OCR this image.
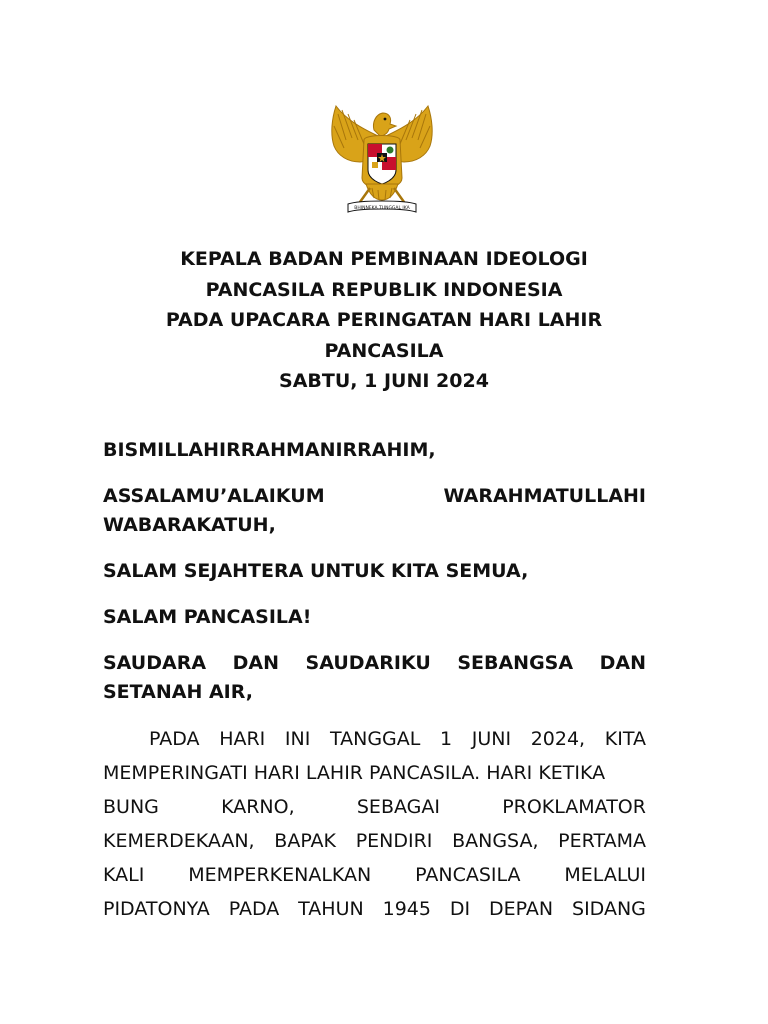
BHINNEKA TUNGGAL IKA
KEPALA BADAN PEMBINAAN IDEOLOGI
PANCASILA REPUBLIK INDONESIA
PADA UPACARA PERINGATAN HARI LAHIR
PANCASILA
SABTU, 1 JUNI 2024
BISMILLAHIRRAHMANIRRAHIM,
ASSALAMU’ALAIKUM	WARAHMATULLAHI
WABARAKATUH,
SALAM SEJAHTERA UNTUK KITA SEMUA,
SALAM PANCASILA!
SAUDARA DAN SAUDARIKU SEBANGSA DAN
SETANAH AIR,
PADA HARI INI TANGGAL 1 JUNI 2024, KITA
MEMPERINGATI HARI LAHIR PANCASILA. HARI KETIKA
BUNG	KARNO,	SEBAGAI	PROKLAMATOR
KEMERDEKAAN, BAPAK PENDIRI BANGSA, PERTAMA
KALI MEMPERKENALKAN PANCASILA MELALUI
PIDATONYA PADA TAHUN 1945 DI DEPAN SIDANG
